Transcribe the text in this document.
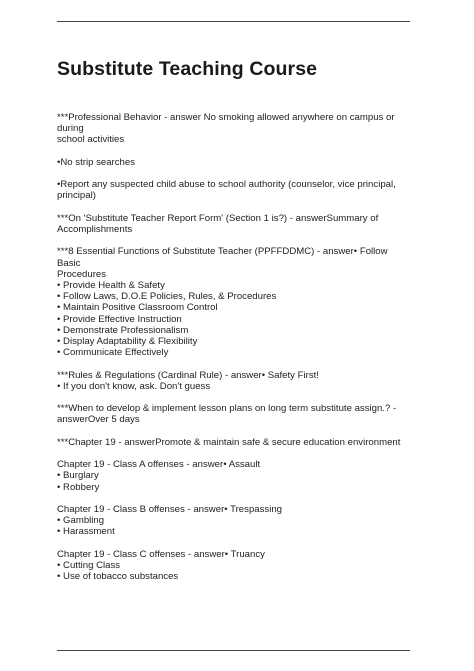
Substitute Teaching Course

***Professional Behavior - answer No smoking allowed anywhere on campus or during
school activities

•No strip searches

•Report any suspected child abuse to school authority (counselor, vice principal,
principal)

***On 'Substitute Teacher Report Form' (Section 1 is?) - answerSummary of
Accomplishments

***8 Essential Functions of Substitute Teacher (PPFFDDMC) - answer• Follow Basic
Procedures
• Provide Health & Safety
• Follow Laws, D.O.E Policies, Rules, & Procedures
• Maintain Positive Classroom Control
• Provide Effective Instruction
• Demonstrate Professionalism
• Display Adaptability & Flexibility
• Communicate Effectively

***Rules & Regulations (Cardinal Rule) - answer• Safety First!
• If you don't know, ask. Don't guess

***When to develop & implement lesson plans on long term substitute assign.? -
answerOver 5 days

***Chapter 19 - answerPromote & maintain safe & secure education environment

Chapter 19 - Class A offenses - answer• Assault
• Burglary
• Robbery

Chapter 19 - Class B offenses - answer• Trespassing
• Gambling
• Harassment

Chapter 19 - Class C offenses - answer• Truancy
• Cutting Class
• Use of tobacco substances
